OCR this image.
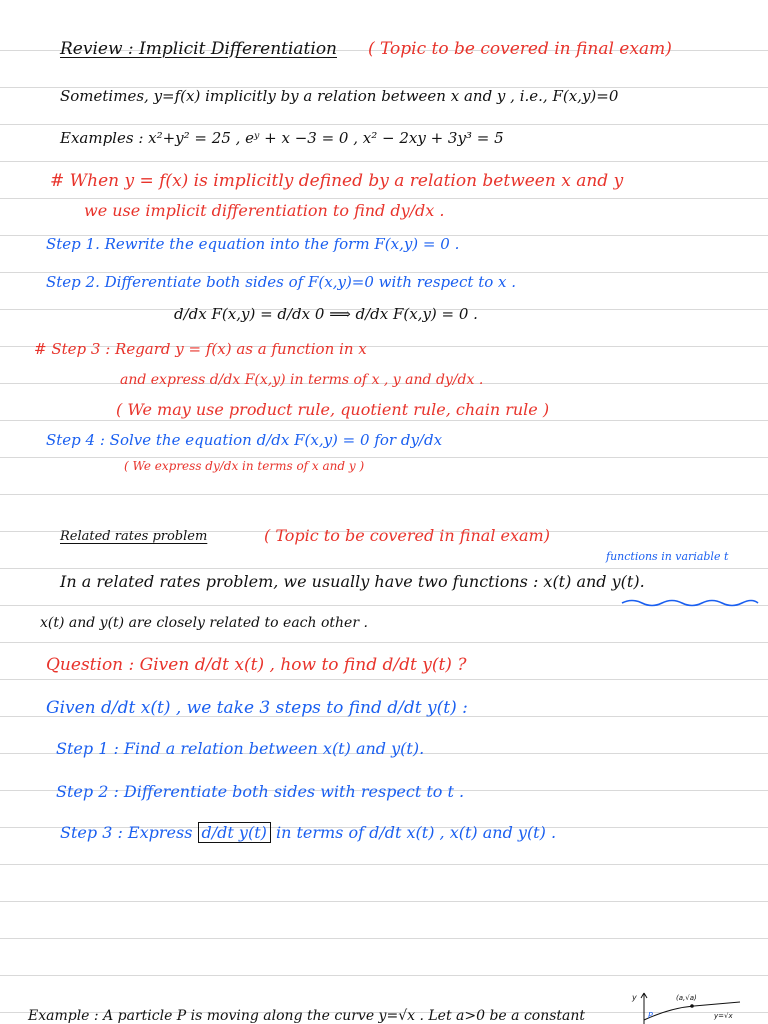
Review : Implicit Differentiation ( Topic to be covered in final exam)
Sometimes, y=f(x) implicitly by a relation between x and y , i.e., F(x,y)=0
Examples : x²+y² = 25 , eʸ + x −3 = 0 , x² − 2xy + 3y³ = 5
# When y = f(x) is implicitly defined by a relation between x and y
we use implicit differentiation to find dy/dx .
Step 1. Rewrite the equation into the form F(x,y) = 0 .
Step 2. Differentiate both sides of F(x,y)=0 with respect to x .
d/dx F(x,y) = d/dx 0 ⟹ d/dx F(x,y) = 0 .
# Step 3 : Regard y = f(x) as a function in x
and express d/dx F(x,y) in terms of x , y and dy/dx .
( We may use product rule, quotient rule, chain rule )
Step 4 : Solve the equation d/dx F(x,y) = 0 for dy/dx
( We express dy/dx in terms of x and y )
Related rates problem	( Topic to be covered in final exam)
functions in variable t
In a related rates problem, we usually have two functions : x(t) and y(t).
x(t) and y(t) are closely related to each other .
Question : Given d/dt x(t) , how to find d/dt y(t) ?
Given d/dt x(t) , we take 3 steps to find d/dt y(t) :
Step 1 : Find a relation between x(t) and y(t).
Step 2 : Differentiate both sides with respect to t .
Step 3 : Express d/dt y(t) in terms of d/dt x(t) , x(t) and y(t) .
Example : A particle P is moving along the curve y=√x . Let a>0 be a constant
y
P
(a,√a)
y=√x
